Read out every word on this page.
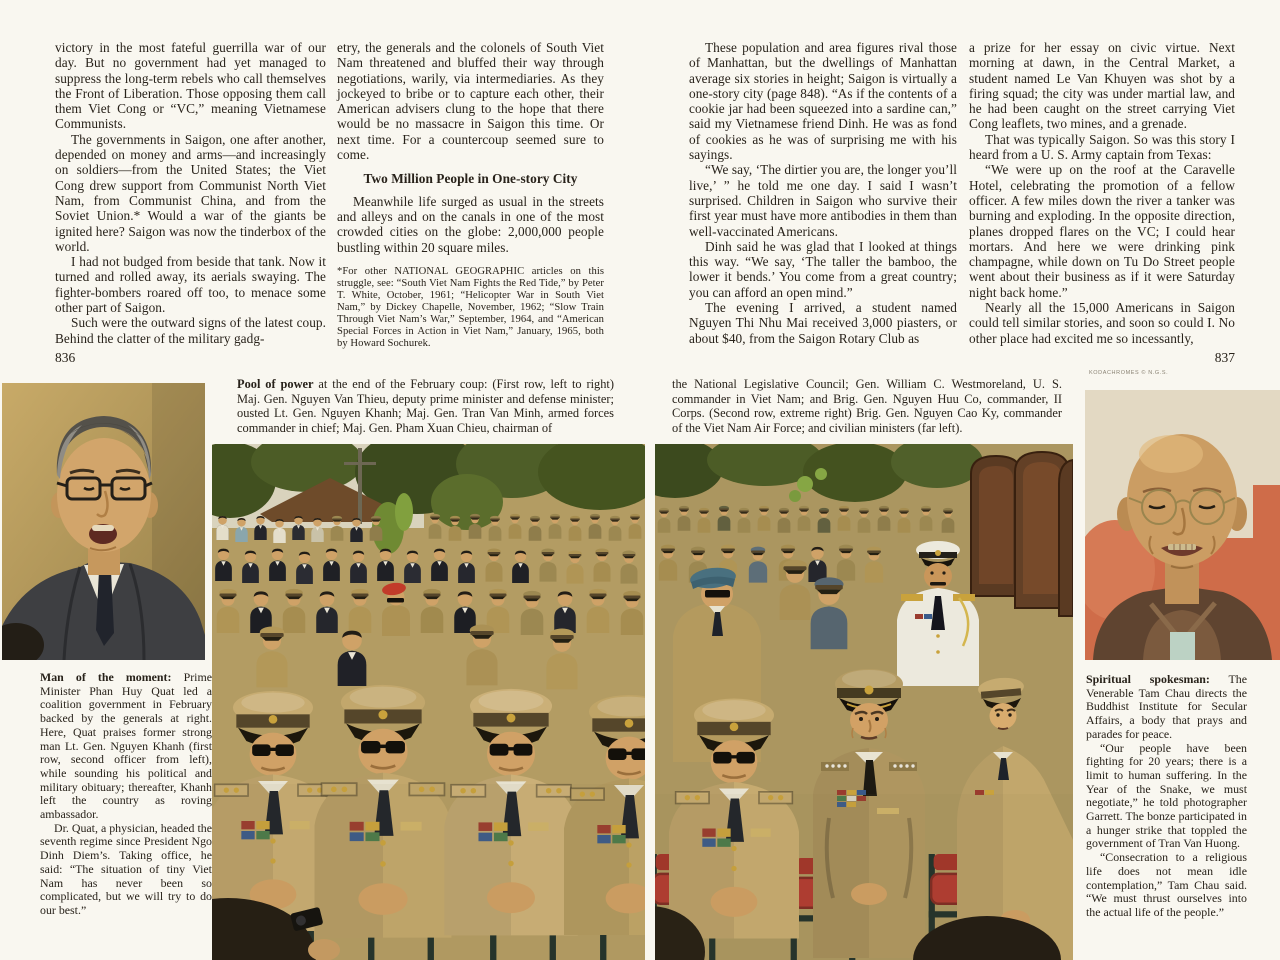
victory in the most fateful guerrilla war of our day. But no government had yet managed to suppress the long-term rebels who call themselves the Front of Liberation. Those opposing them call them Viet Cong or “VC,” meaning Vietnamese Communists.

The governments in Saigon, one after another, depended on money and arms—and increasingly on soldiers—from the United States; the Viet Cong drew support from Communist North Viet Nam, from Communist China, and from the Soviet Union.* Would a war of the giants be ignited here? Saigon was now the tinderbox of the world.

I had not budged from beside that tank. Now it turned and rolled away, its aerials swaying. The fighter-bombers roared off too, to menace some other part of Saigon.

Such were the outward signs of the latest coup. Behind the clatter of the military gadg-

etry, the generals and the colonels of South Viet Nam threatened and bluffed their way through negotiations, warily, via intermediaries. As they jockeyed to bribe or to capture each other, their American advisers clung to the hope that there would be no massacre in Saigon this time. Or next time. For a countercoup seemed sure to come.

Two Million People in One-story City

Meanwhile life surged as usual in the streets and alleys and on the canals in one of the most crowded cities on the globe: 2,000,000 people bustling within 20 square miles.

*For other NATIONAL GEOGRAPHIC articles on this struggle, see: “South Viet Nam Fights the Red Tide,” by Peter T. White, October, 1961; “Helicopter War in South Viet Nam,” by Dickey Chapelle, November, 1962; “Slow Train Through Viet Nam’s War,” September, 1964, and “American Special Forces in Action in Viet Nam,” January, 1965, both by Howard Sochurek.

These population and area figures rival those of Manhattan, but the dwellings of Manhattan average six stories in height; Saigon is virtually a one-story city (page 848). “As if the contents of a cookie jar had been squeezed into a sardine can,” said my Vietnamese friend Dinh. He was as fond of cookies as he was of surprising me with his sayings.

“We say, ‘The dirtier you are, the longer you’ll live,’ ” he told me one day. I said I wasn’t surprised. Children in Saigon who survive their first year must have more antibodies in them than well-vaccinated Americans.

Dinh said he was glad that I looked at things this way. “We say, ‘The taller the bamboo, the lower it bends.’ You come from a great country; you can afford an open mind.”

The evening I arrived, a student named Nguyen Thi Nhu Mai received 3,000 piasters, or about $40, from the Saigon Rotary Club as

a prize for her essay on civic virtue. Next morning at dawn, in the Central Market, a student named Le Van Khuyen was shot by a firing squad; the city was under martial law, and he had been caught on the street carrying Viet Cong leaflets, two mines, and a grenade.

That was typically Saigon. So was this story I heard from a U. S. Army captain from Texas:

“We were up on the roof at the Caravelle Hotel, celebrating the promotion of a fellow officer. A few miles down the river a tanker was burning and exploding. In the opposite direction, planes dropped flares on the VC; I could hear mortars. And here we were drinking pink champagne, while down on Tu Do Street people went about their business as if it were Saturday night back home.”

Nearly all the 15,000 Americans in Saigon could tell similar stories, and soon so could I. No other place had excited me so incessantly,

836	837
KODACHROMES © N.G.S.
Pool of power at the end of the February coup: (First row, left to right) Maj. Gen. Nguyen Van Thieu, deputy prime minister and defense minister; ousted Lt. Gen. Nguyen Khanh; Maj. Gen. Tran Van Minh, armed forces commander in chief; Maj. Gen. Pham Xuan Chieu, chairman of
the National Legislative Council; Gen. William C. Westmoreland, U. S. commander in Viet Nam; and Brig. Gen. Nguyen Huu Co, commander, II Corps. (Second row, extreme right) Brig. Gen. Nguyen Cao Ky, commander of the Viet Nam Air Force; and civilian ministers (far left).

Man of the moment: Prime Minister Phan Huy Quat led a coalition government in February backed by the generals at right. Here, Quat praises former strong man Lt. Gen. Nguyen Khanh (first row, second officer from left), while sounding his political and military obituary; thereafter, Khanh left the country as roving ambassador.

Dr. Quat, a physician, headed the seventh regime since President Ngo Dinh Diem’s. Taking office, he said: “The situation of tiny Viet Nam has never been so complicated, but we will try to do our best.”

Spiritual spokesman: The Venerable Tam Chau directs the Buddhist Institute for Secular Affairs, a body that prays and parades for peace.

“Our people have been fighting for 20 years; there is a limit to human suffering. In the Year of the Snake, we must negotiate,” he told photographer Garrett. The bonze participated in a hunger strike that toppled the government of Tran Van Huong.

“Consecration to a religious life does not mean idle contemplation,” Tam Chau said. “We must thrust ourselves into the actual life of the people.”
